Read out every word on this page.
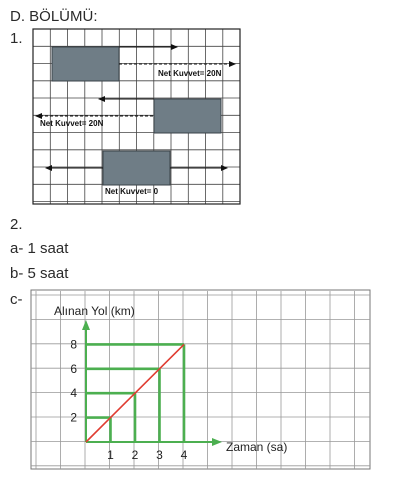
D. BÖLÜMÜ:
1.
Net Kuvvet= 20N
Net Kuvvet= 20N
Net Kuvvet= 0
2.
a- 1 saat
b- 5 saat
c-
1 2 3 4
2
4
6
8
Zaman (sa)
Alınan Yol (km)
